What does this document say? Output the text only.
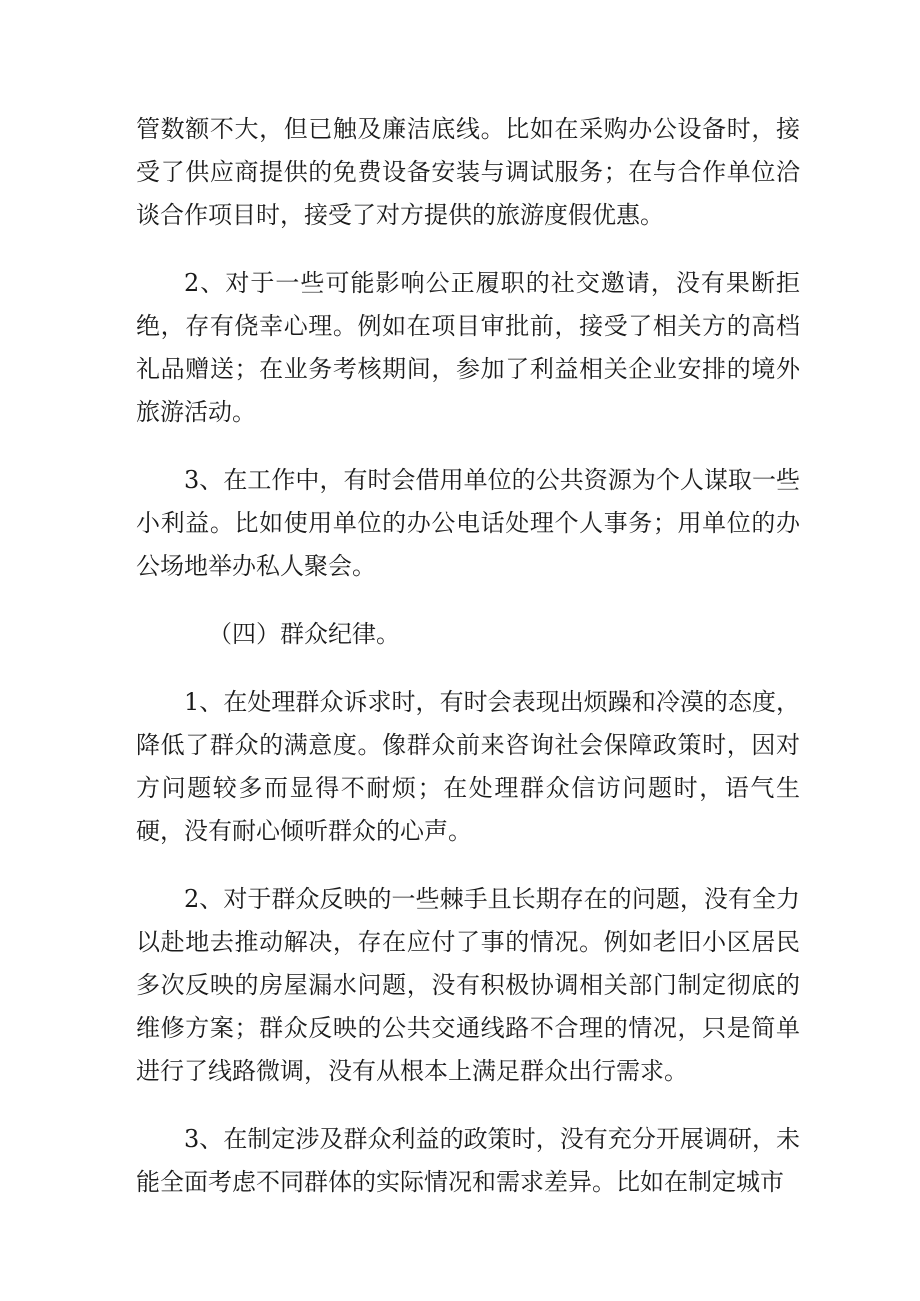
管数额不大，但已触及廉洁底线。比如在采购办公设备时，接受了供应商提供的免费设备安装与调试服务；在与合作单位洽谈合作项目时，接受了对方提供的旅游度假优惠。

2、对于一些可能影响公正履职的社交邀请，没有果断拒绝，存有侥幸心理。例如在项目审批前，接受了相关方的高档礼品赠送；在业务考核期间，参加了利益相关企业安排的境外旅游活动。

3、在工作中，有时会借用单位的公共资源为个人谋取一些小利益。比如使用单位的办公电话处理个人事务；用单位的办公场地举办私人聚会。

（四）群众纪律。

1、在处理群众诉求时，有时会表现出烦躁和冷漠的态度，降低了群众的满意度。像群众前来咨询社会保障政策时，因对方问题较多而显得不耐烦；在处理群众信访问题时，语气生硬，没有耐心倾听群众的心声。

2、对于群众反映的一些棘手且长期存在的问题，没有全力以赴地去推动解决，存在应付了事的情况。例如老旧小区居民多次反映的房屋漏水问题，没有积极协调相关部门制定彻底的维修方案；群众反映的公共交通线路不合理的情况，只是简单进行了线路微调，没有从根本上满足群众出行需求。

3、在制定涉及群众利益的政策时，没有充分开展调研，未能全面考虑不同群体的实际情况和需求差异。比如在制定城市
